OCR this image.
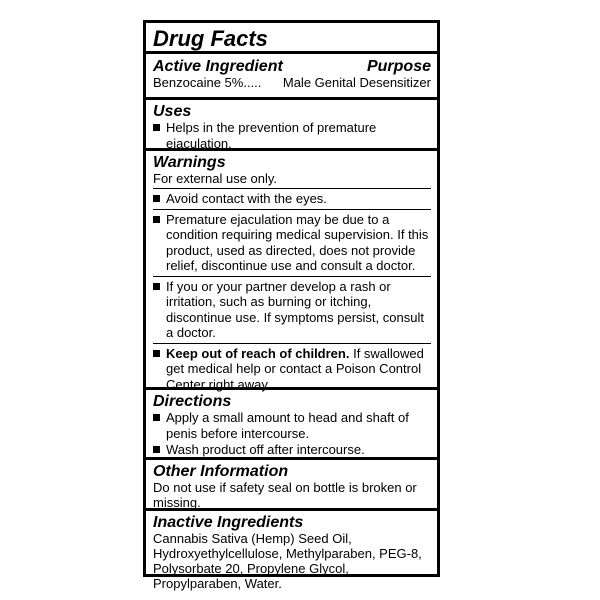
Drug Facts
Active Ingredient	Purpose
Benzocaine 5%..... Male Genital Desensitizer
Uses
Helps in the prevention of premature ejaculation.
Warnings
For external use only.
Avoid contact with the eyes.
Premature ejaculation may be due to a condition requiring medical supervision. If this product, used as directed, does not provide relief, discontinue use and consult a doctor.
If you or your partner develop a rash or irritation, such as burning or itching, discontinue use. If symptoms persist, consult a doctor.
Keep out of reach of children. If swallowed get medical help or contact a Poison Control Center right away.
Directions
Apply a small amount to head and shaft of penis before intercourse.
Wash product off after intercourse.
Other Information
Do not use if safety seal on bottle is broken or missing.
Inactive Ingredients
Cannabis Sativa (Hemp) Seed Oil, Hydroxyethylcellulose, Methylparaben, PEG-8, Polysorbate 20, Propylene Glycol, Propylparaben, Water.
